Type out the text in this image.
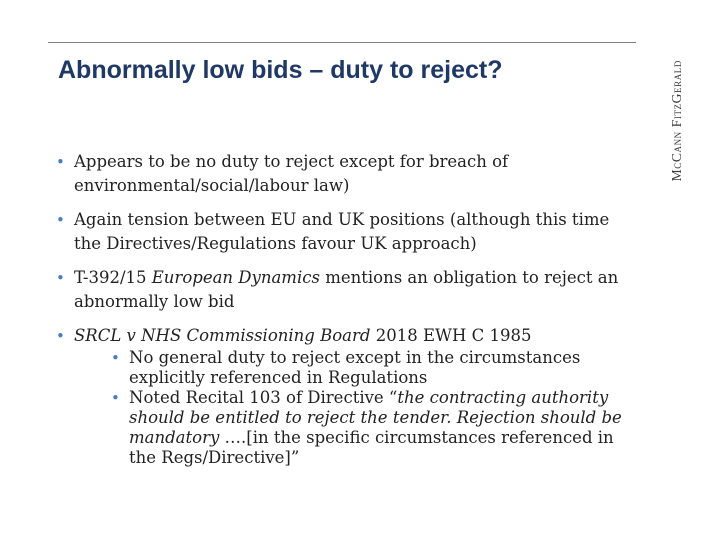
Abnormally low bids – duty to reject?	McCann FitzGerald
• Appears to be no duty to reject except for breach of environmental/social/labour law)
• Again tension between EU and UK positions (although this time the Directives/Regulations favour UK approach)
• T-392/15 European Dynamics mentions an obligation to reject an abnormally low bid
• SRCL v NHS Commissioning Board 2018 EWH C 1985
• No general duty to reject except in the circumstances explicitly referenced in Regulations
• Noted Recital 103 of Directive “the contracting authority should be entitled to reject the tender. Rejection should be mandatory ….[in the specific circumstances referenced in the Regs/Directive]”
